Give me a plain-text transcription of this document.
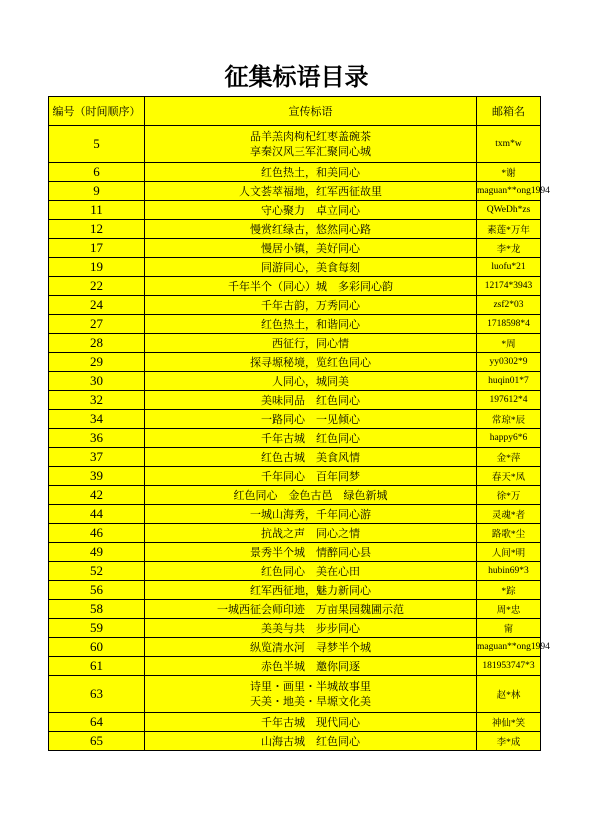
征集标语目录
编号（时间顺序）	宣传标语	邮箱名
5	品羊羔肉枸杞红枣盖碗茶
享秦汉风三军汇聚同心城	txm*w
6	红色热土，和美同心	*谢
9	人文荟萃福地，红军西征故里	maguan**ong1994
11	守心聚力　卓立同心	QWeDh*zs
12	慢赏红绿古，悠然同心路	素莲*万年
17	慢居小镇，美好同心	李*龙
19	同游同心，美食每刻	luofu*21
22	千年半个（同心）城　多彩同心韵	12174*3943
24	千年古韵，万秀同心	zsf2*03
27	红色热土，和谐同心	1718598*4
28	西征行，同心情	*周
29	探寻塬秘境，览红色同心	yy0302*9
30	人同心，城同美	huqin01*7
32	美味同品　红色同心	197612*4
34	一路同心　一见倾心	常琼*辰
36	千年古城　红色同心	happy6*6
37	红色古城　美食风情	金*萍
39	千年同心　百年同梦	春天*凤
42	红色同心　金色古邑　绿色新城	徐*万
44	一城山海秀，千年同心游	灵魂*者
46	抗战之声　同心之情	路歌*尘
49	景秀半个城　情醉同心县	人间*明
52	红色同心　美在心田	hubin69*3
56	红军西征地，魅力新同心	*踪
58	一城西征会师印迹　万亩果园魏圃示范	周*忠
59	美美与共　步步同心	甯
60	纵览清水河　寻梦半个城	maguan**ong1994
61	赤色半城　邀你同逐	181953747*3
63	诗里・画里・半城故事里
天美・地美・旱塬文化美	赵*林
64	千年古城　现代同心	神仙*笑
65	山海古城　红色同心	李*成
